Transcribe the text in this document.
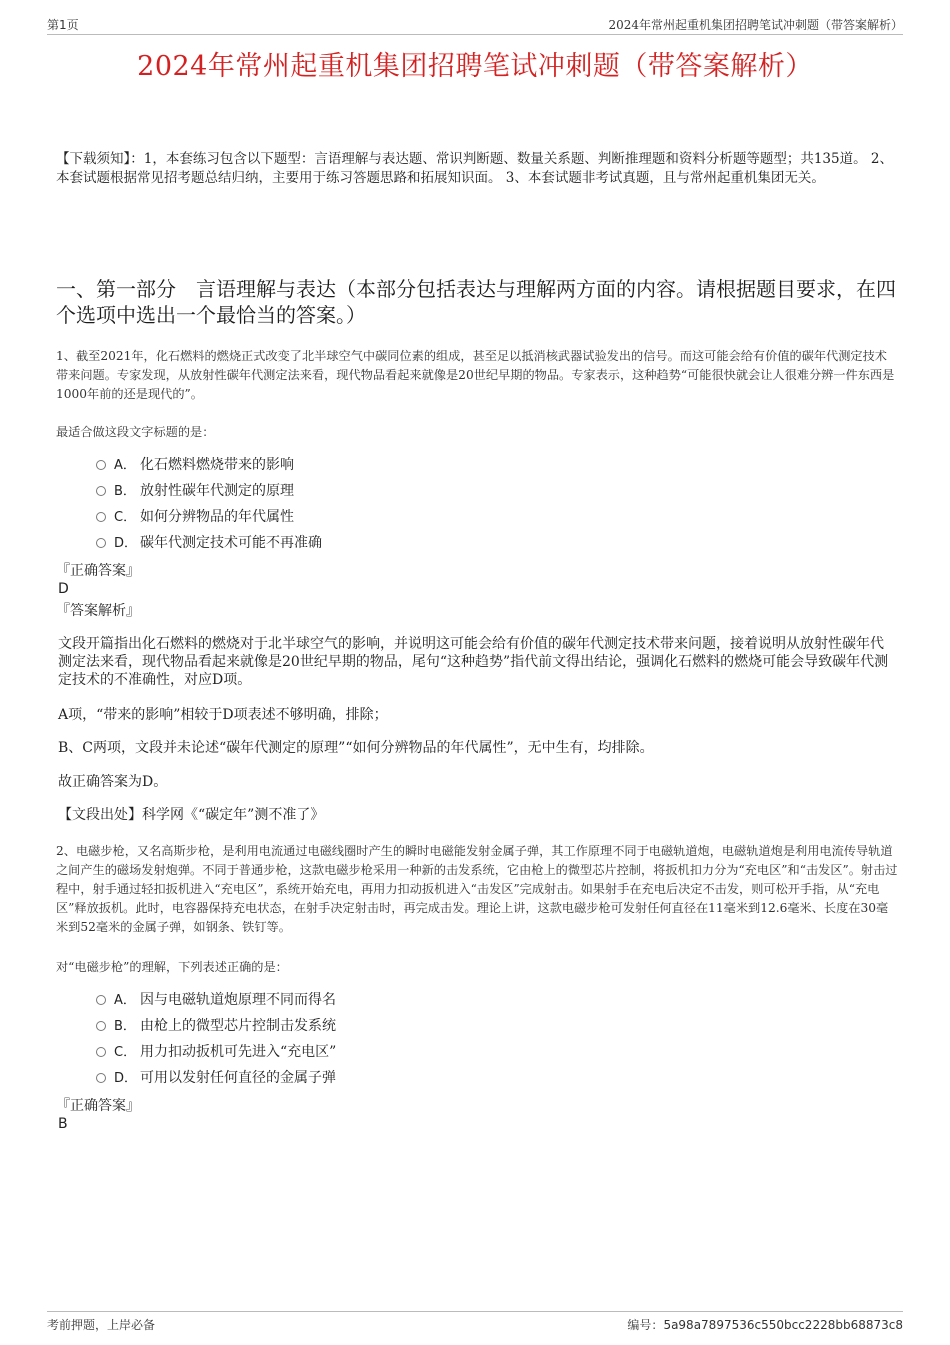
第1页	2024年常州起重机集团招聘笔试冲刺题（带答案解析）
2024年常州起重机集团招聘笔试冲刺题（带答案解析）
【下载须知】：1，本套练习包含以下题型：言语理解与表达题、常识判断题、数量关系题、判断推理题和资料分析题等题型；共135道。 2、本套试题根据常见招考题总结归纳，主要用于练习答题思路和拓展知识面。 3、本套试题非考试真题，且与常州起重机集团无关。
一、第一部分　言语理解与表达（本部分包括表达与理解两方面的内容。请根据题目要求，在四个选项中选出一个最恰当的答案。）
1、截至2021年，化石燃料的燃烧正式改变了北半球空气中碳同位素的组成，甚至足以抵消核武器试验发出的信号。而这可能会给有价值的碳年代测定技术带来问题。专家发现，从放射性碳年代测定法来看，现代物品看起来就像是20世纪早期的物品。专家表示，这种趋势“可能很快就会让人很难分辨一件东西是1000年前的还是现代的”。
最适合做这段文字标题的是：
A． 化石燃料燃烧带来的影响
B． 放射性碳年代测定的原理
C． 如何分辨物品的年代属性
D． 碳年代测定技术可能不再准确
『正确答案』
D
『答案解析』
文段开篇指出化石燃料的燃烧对于北半球空气的影响，并说明这可能会给有价值的碳年代测定技术带来问题，接着说明从放射性碳年代测定法来看，现代物品看起来就像是20世纪早期的物品，尾句“这种趋势”指代前文得出结论，强调化石燃料的燃烧可能会导致碳年代测定技术的不准确性，对应D项。
A项，“带来的影响”相较于D项表述不够明确，排除；
B、C两项，文段并未论述“碳年代测定的原理”“如何分辨物品的年代属性”，无中生有，均排除。
故正确答案为D。
【文段出处】科学网《“碳定年”测不准了》
2、电磁步枪，又名高斯步枪，是利用电流通过电磁线圈时产生的瞬时电磁能发射金属子弹，其工作原理不同于电磁轨道炮，电磁轨道炮是利用电流传导轨道之间产生的磁场发射炮弹。不同于普通步枪，这款电磁步枪采用一种新的击发系统，它由枪上的微型芯片控制，将扳机扣力分为“充电区”和“击发区”。射击过程中，射手通过轻扣扳机进入“充电区”，系统开始充电，再用力扣动扳机进入“击发区”完成射击。如果射手在充电后决定不击发，则可松开手指，从“充电区”释放扳机。此时，电容器保持充电状态，在射手决定射击时，再完成击发。理论上讲，这款电磁步枪可发射任何直径在11毫米到12.6毫米、长度在30毫米到52毫米的金属子弹，如钢条、铁钉等。
对“电磁步枪”的理解，下列表述正确的是：
A． 因与电磁轨道炮原理不同而得名
B． 由枪上的微型芯片控制击发系统
C． 用力扣动扳机可先进入“充电区”
D． 可用以发射任何直径的金属子弹
『正确答案』
B
考前押题，上岸必备	编号：5a98a7897536c550bcc2228bb68873c8
